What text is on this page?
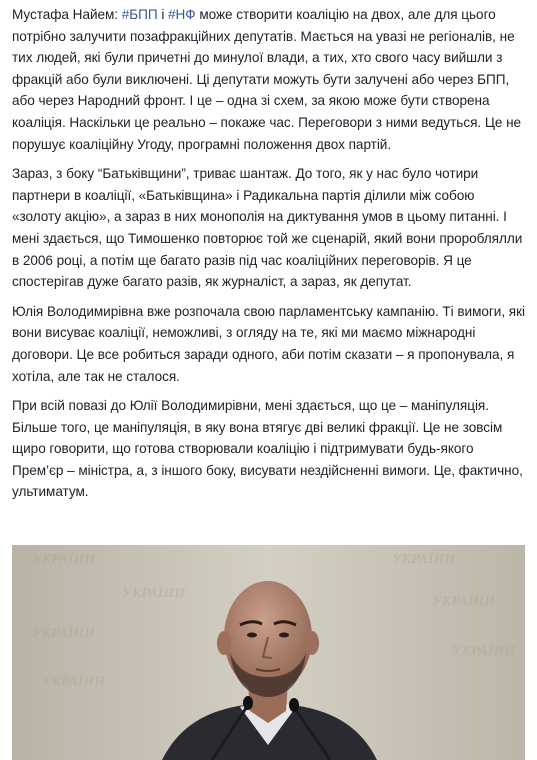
Мустафа Найем: #БПП і #НФ може створити коаліцію на двох, але для цього потрібно залучити позафракційних депутатів. Мається на увазі не регіоналів, не тих людей, які були причетні до минулої влади, а тих, хто свого часу вийшли з фракцій або були виключені. Ці депутати можуть бути залучені або через БПП, або через Народний фронт. І це – одна зі схем, за якою може бути створена коаліція. Наскільки це реально – покаже час. Переговори з ними ведуться. Це не порушує коаліційну Угоду, програмні положення двох партій.

Зараз, з боку “Батьківщини”, триває шантаж. До того, як у нас було чотири партнери в коаліції, «Батьківщина» і Радикальна партія ділили між собою «золоту акцію», а зараз в них монополія на диктування умов в цьому питанні. І мені здається, що Тимошенко повторює той же сценарій, який вони пророблялли в 2006 році, а потім ще багато разів під час коаліційних переговорів. Я це спостерігав дуже багато разів, як журналіст, а зараз, як депутат.

Юлія Володимирівна вже розпочала свою парламентську кампанію. Ті вимоги, які вони висуває коаліції, неможливі, з огляду на те, які ми маємо міжнародні договори. Це все робиться заради одного, аби потім сказати – я пропонувала, я хотіла, але так не сталося.

При всій повазі до Юлії Володимирівни, мені здається, що це – маніпуляція. Більше того, це маніпуляція, в яку вона втягує дві великі фракції. Це не зовсім щиро говорити, що готова створювали коаліцію і підтримувати будь-якого Прем’єр – міністра, а, з іншого боку, висувати нездійсненні вимоги. Це, фактично, ультиматум.

УКРАЇНИ
УКРАЇНИ
УКРАЇНИ
УКРАЇНИ
УКРАЇНИ
УКРАЇНИ
УКРАЇНИ
